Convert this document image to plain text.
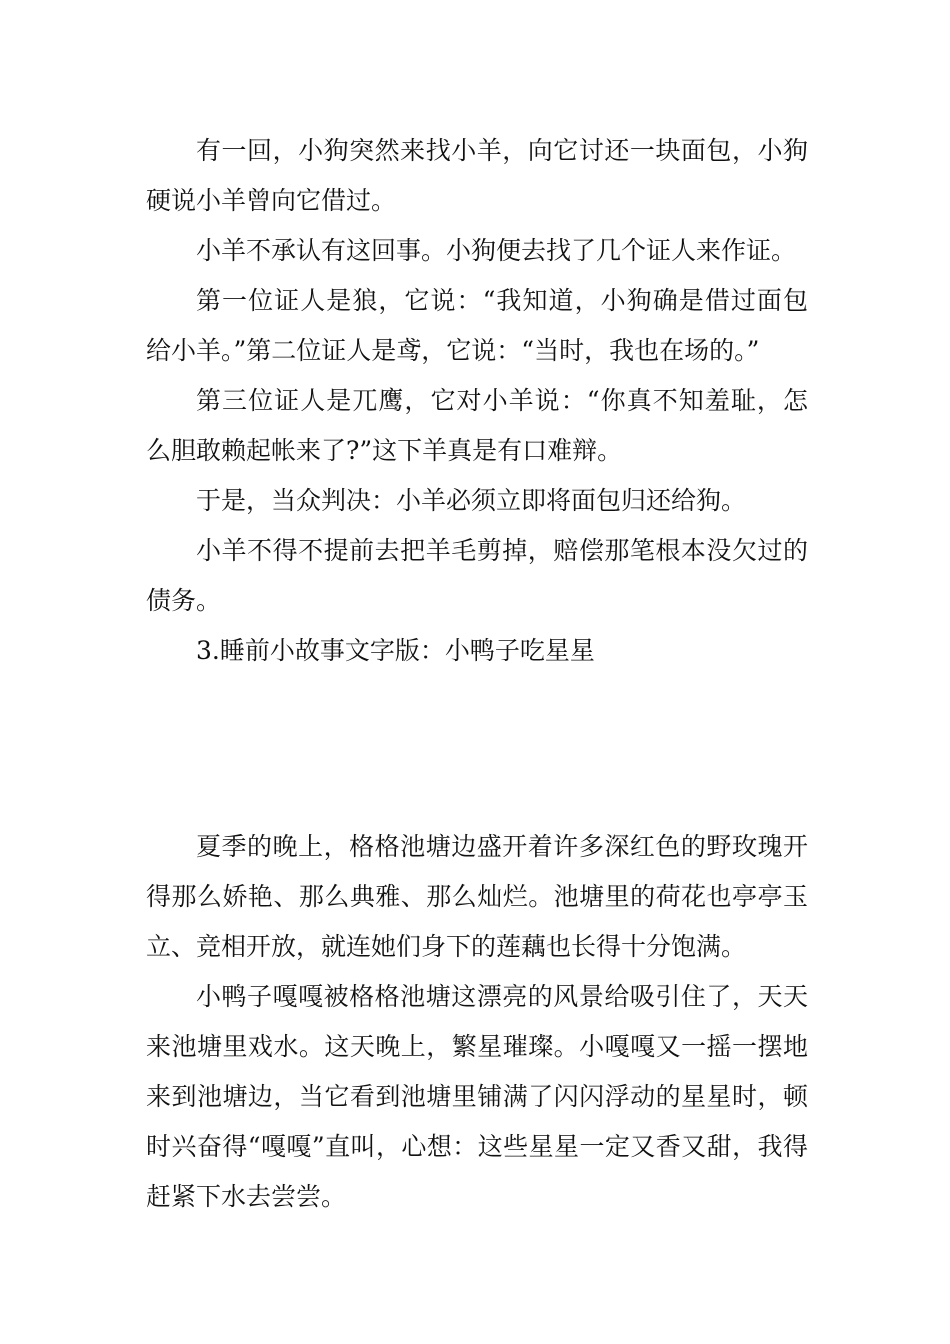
有一回，小狗突然来找小羊，向它讨还一块面包，小狗硬说小羊曾向它借过。

小羊不承认有这回事。小狗便去找了几个证人来作证。

第一位证人是狼，它说：“我知道，小狗确是借过面包给小羊。”第二位证人是鸢，它说：“当时，我也在场的。”

第三位证人是兀鹰，它对小羊说：“你真不知羞耻，怎么胆敢赖起帐来了?”这下羊真是有口难辩。

于是，当众判决：小羊必须立即将面包归还给狗。

小羊不得不提前去把羊毛剪掉，赔偿那笔根本没欠过的债务。

3.睡前小故事文字版：小鸭子吃星星

夏季的晚上，格格池塘边盛开着许多深红色的野玫瑰开得那么娇艳、那么典雅、那么灿烂。池塘里的荷花也亭亭玉立、竞相开放，就连她们身下的莲藕也长得十分饱满。

小鸭子嘎嘎被格格池塘这漂亮的风景给吸引住了，天天来池塘里戏水。这天晚上，繁星璀璨。小嘎嘎又一摇一摆地来到池塘边，当它看到池塘里铺满了闪闪浮动的星星时，顿时兴奋得“嘎嘎”直叫，心想：这些星星一定又香又甜，我得赶紧下水去尝尝。
